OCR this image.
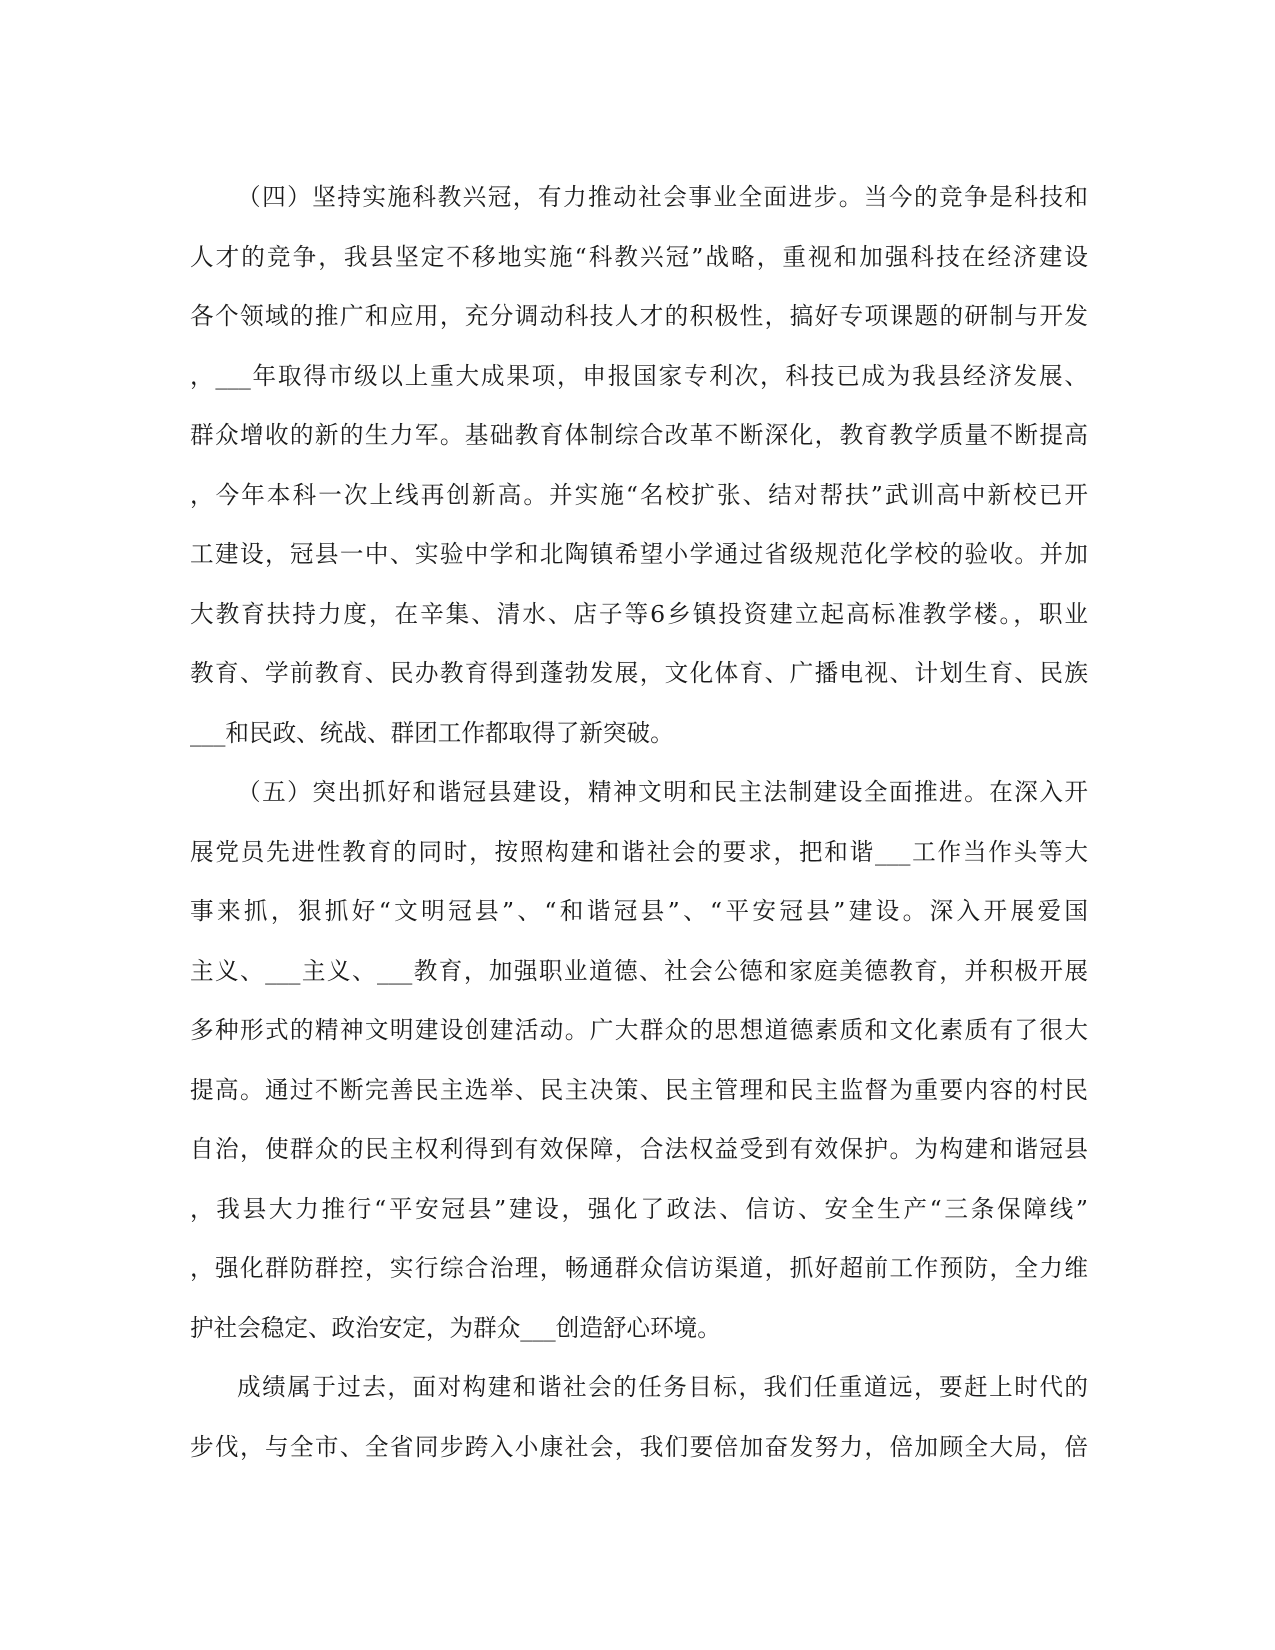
（四）坚持实施科教兴冠，有力推动社会事业全面进步。当今的竞争是科技和
人才的竞争，我县坚定不移地实施“科教兴冠”战略，重视和加强科技在经济建设
各个领域的推广和应用，充分调动科技人才的积极性，搞好专项课题的研制与开发
，___年取得市级以上重大成果项，申报国家专利次，科技已成为我县经济发展、
群众增收的新的生力军。基础教育体制综合改革不断深化，教育教学质量不断提高
，今年本科一次上线再创新高。并实施“名校扩张、结对帮扶”武训高中新校已开
工建设，冠县一中、实验中学和北陶镇希望小学通过省级规范化学校的验收。并加
大教育扶持力度，在辛集、清水、店子等6乡镇投资建立起高标准教学楼。，职业
教育、学前教育、民办教育得到蓬勃发展，文化体育、广播电视、计划生育、民族
___和民政、统战、群团工作都取得了新突破。
（五）突出抓好和谐冠县建设，精神文明和民主法制建设全面推进。在深入开
展党员先进性教育的同时，按照构建和谐社会的要求，把和谐___工作当作头等大
事来抓，狠抓好“文明冠县”、“和谐冠县”、“平安冠县”建设。深入开展爱国
主义、___主义、___教育，加强职业道德、社会公德和家庭美德教育，并积极开展
多种形式的精神文明建设创建活动。广大群众的思想道德素质和文化素质有了很大
提高。通过不断完善民主选举、民主决策、民主管理和民主监督为重要内容的村民
自治，使群众的民主权利得到有效保障，合法权益受到有效保护。为构建和谐冠县
，我县大力推行“平安冠县”建设，强化了政法、信访、安全生产“三条保障线”
，强化群防群控，实行综合治理，畅通群众信访渠道，抓好超前工作预防，全力维
护社会稳定、政治安定，为群众___创造舒心环境。
成绩属于过去，面对构建和谐社会的任务目标，我们任重道远，要赶上时代的
步伐，与全市、全省同步跨入小康社会，我们要倍加奋发努力，倍加顾全大局，倍
